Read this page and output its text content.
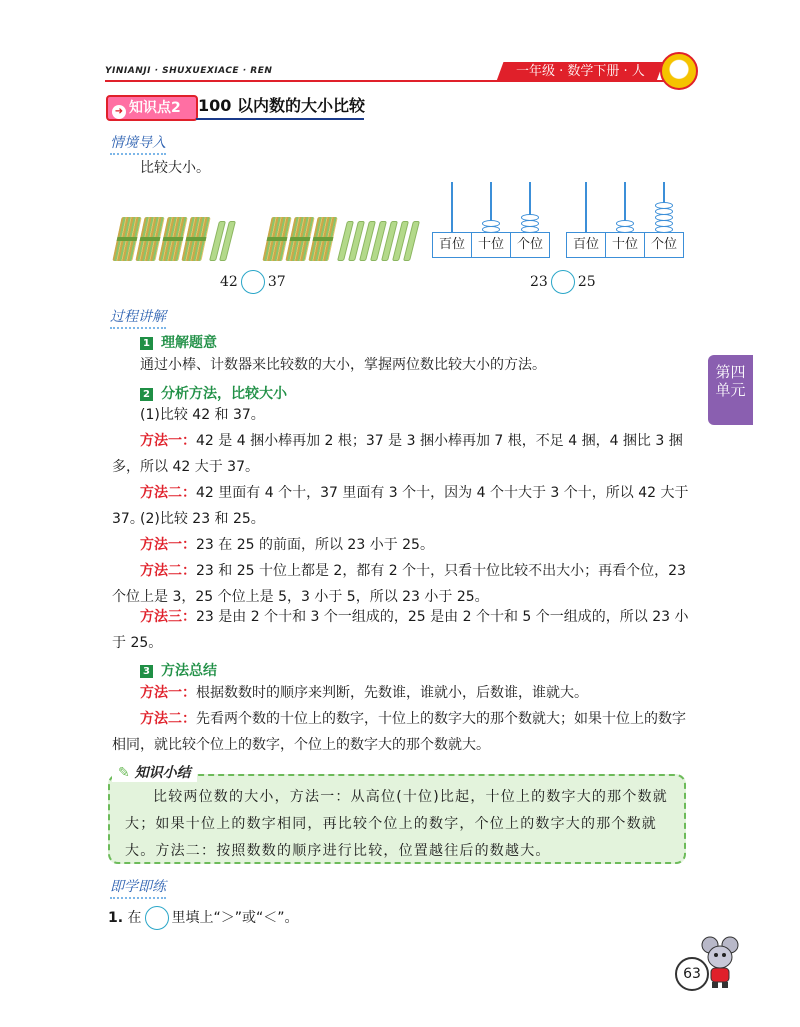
YINIANJI · SHUXUEXIACE · REN	一年级 · 数学下册 · 人
➜ 知识点2	100 以内数的大小比较
情境导入
比较大小。
百位 十位 个位	百位 十位 个位
42 37	23 25
过程讲解
1 理解题意
通过小棒、计数器来比较数的大小，掌握两位数比较大小的方法。
2 分析方法，比较大小
(1)比较 42 和 37。
方法一：42 是 4 捆小棒再加 2 根；37 是 3 捆小棒再加 7 根，不足 4 捆，4 捆比 3 捆多，所以 42 大于 37。
方法二：42 里面有 4 个十，37 里面有 3 个十，因为 4 个十大于 3 个十，所以 42 大于 37。
(2)比较 23 和 25。
方法一：23 在 25 的前面，所以 23 小于 25。
方法二：23 和 25 十位上都是 2，都有 2 个十，只看十位比较不出大小；再看个位，23 个位上是 3，25 个位上是 5，3 小于 5，所以 23 小于 25。
方法三：23 是由 2 个十和 3 个一组成的，25 是由 2 个十和 5 个一组成的，所以 23 小于 25。
3 方法总结
方法一：根据数数时的顺序来判断，先数谁，谁就小，后数谁，谁就大。
方法二：先看两个数的十位上的数字，十位上的数字大的那个数就大；如果十位上的数字相同，就比较个位上的数字，个位上的数字大的那个数就大。
第四
单元
✎ 知识小结
比较两位数的大小，方法一：从高位(十位)比起，十位上的数字大的那个数就大；如果十位上的数字相同，再比较个位上的数字，个位上的数字大的那个数就大。方法二：按照数数的顺序进行比较，位置越往后的数越大。
即学即练
1. 在 里填上“＞”或“＜”。
63
